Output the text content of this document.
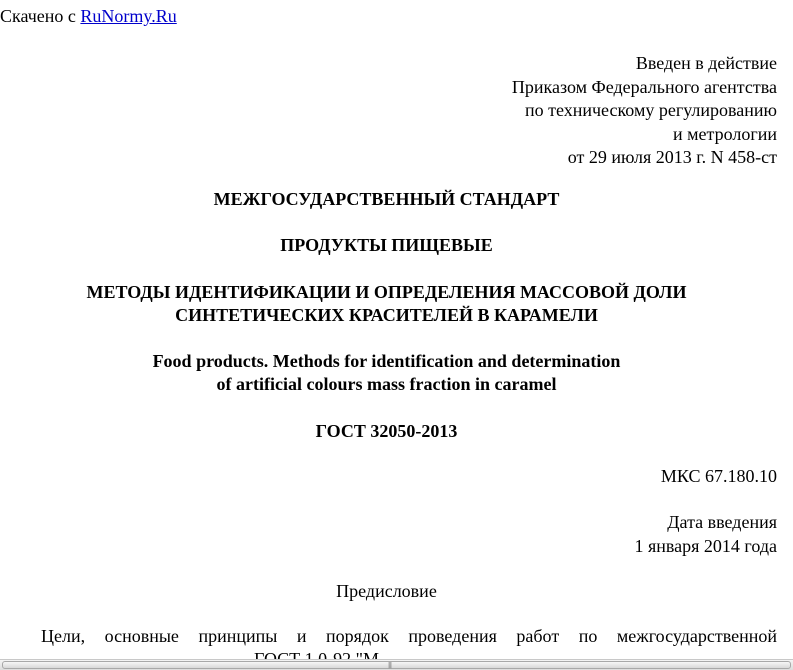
Скачено с RuNormy.Ru
Введен в действие
Приказом Федерального агентства
по техническому регулированию
и метрологии
от 29 июля 2013 г. N 458-ст
МЕЖГОСУДАРСТВЕННЫЙ СТАНДАРТ
ПРОДУКТЫ ПИЩЕВЫЕ
МЕТОДЫ ИДЕНТИФИКАЦИИ И ОПРЕДЕЛЕНИЯ МАССОВОЙ ДОЛИ
СИНТЕТИЧЕСКИХ КРАСИТЕЛЕЙ В КАРАМЕЛИ
Food products. Methods for identification and determination
of artificial colours mass fraction in caramel
ГОСТ 32050-2013
МКС 67.180.10
Дата введения
1 января 2014 года
Предисловие
Цели, основные принципы и порядок проведения работ по межгосударственной
|||
